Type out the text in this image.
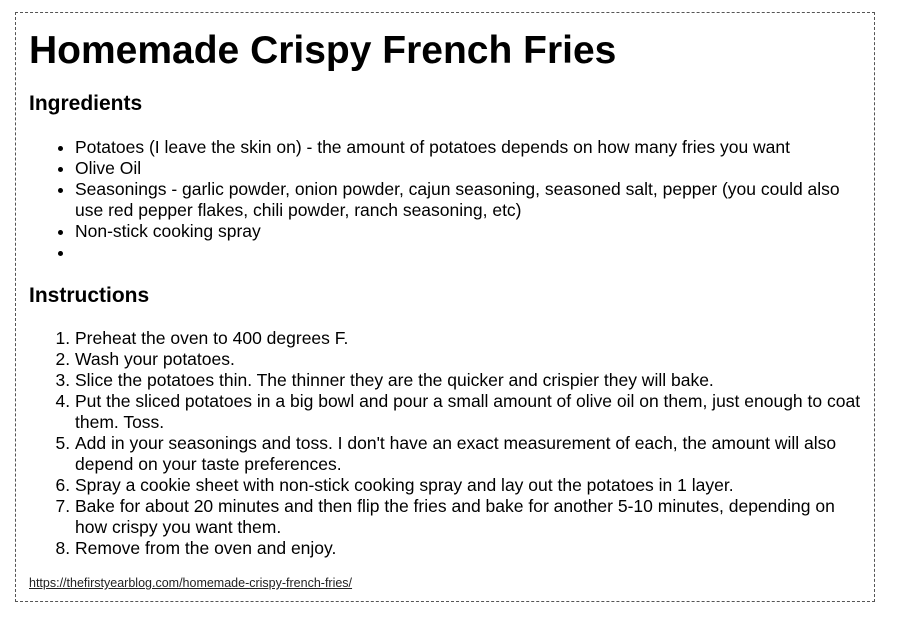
Homemade Crispy French Fries
Ingredients
• Potatoes (I leave the skin on) - the amount of potatoes depends on how many fries you want
• Olive Oil
• Seasonings - garlic powder, onion powder, cajun seasoning, seasoned salt, pepper (you could also use red pepper flakes, chili powder, ranch seasoning, etc)
• Non-stick cooking spray
•
Instructions
1. Preheat the oven to 400 degrees F.
2. Wash your potatoes.
3. Slice the potatoes thin. The thinner they are the quicker and crispier they will bake.
4. Put the sliced potatoes in a big bowl and pour a small amount of olive oil on them, just enough to coat them. Toss.
5. Add in your seasonings and toss. I don't have an exact measurement of each, the amount will also depend on your taste preferences.
6. Spray a cookie sheet with non-stick cooking spray and lay out the potatoes in 1 layer.
7. Bake for about 20 minutes and then flip the fries and bake for another 5-10 minutes, depending on how crispy you want them.
8. Remove from the oven and enjoy.
https://thefirstyearblog.com/homemade-crispy-french-fries/
